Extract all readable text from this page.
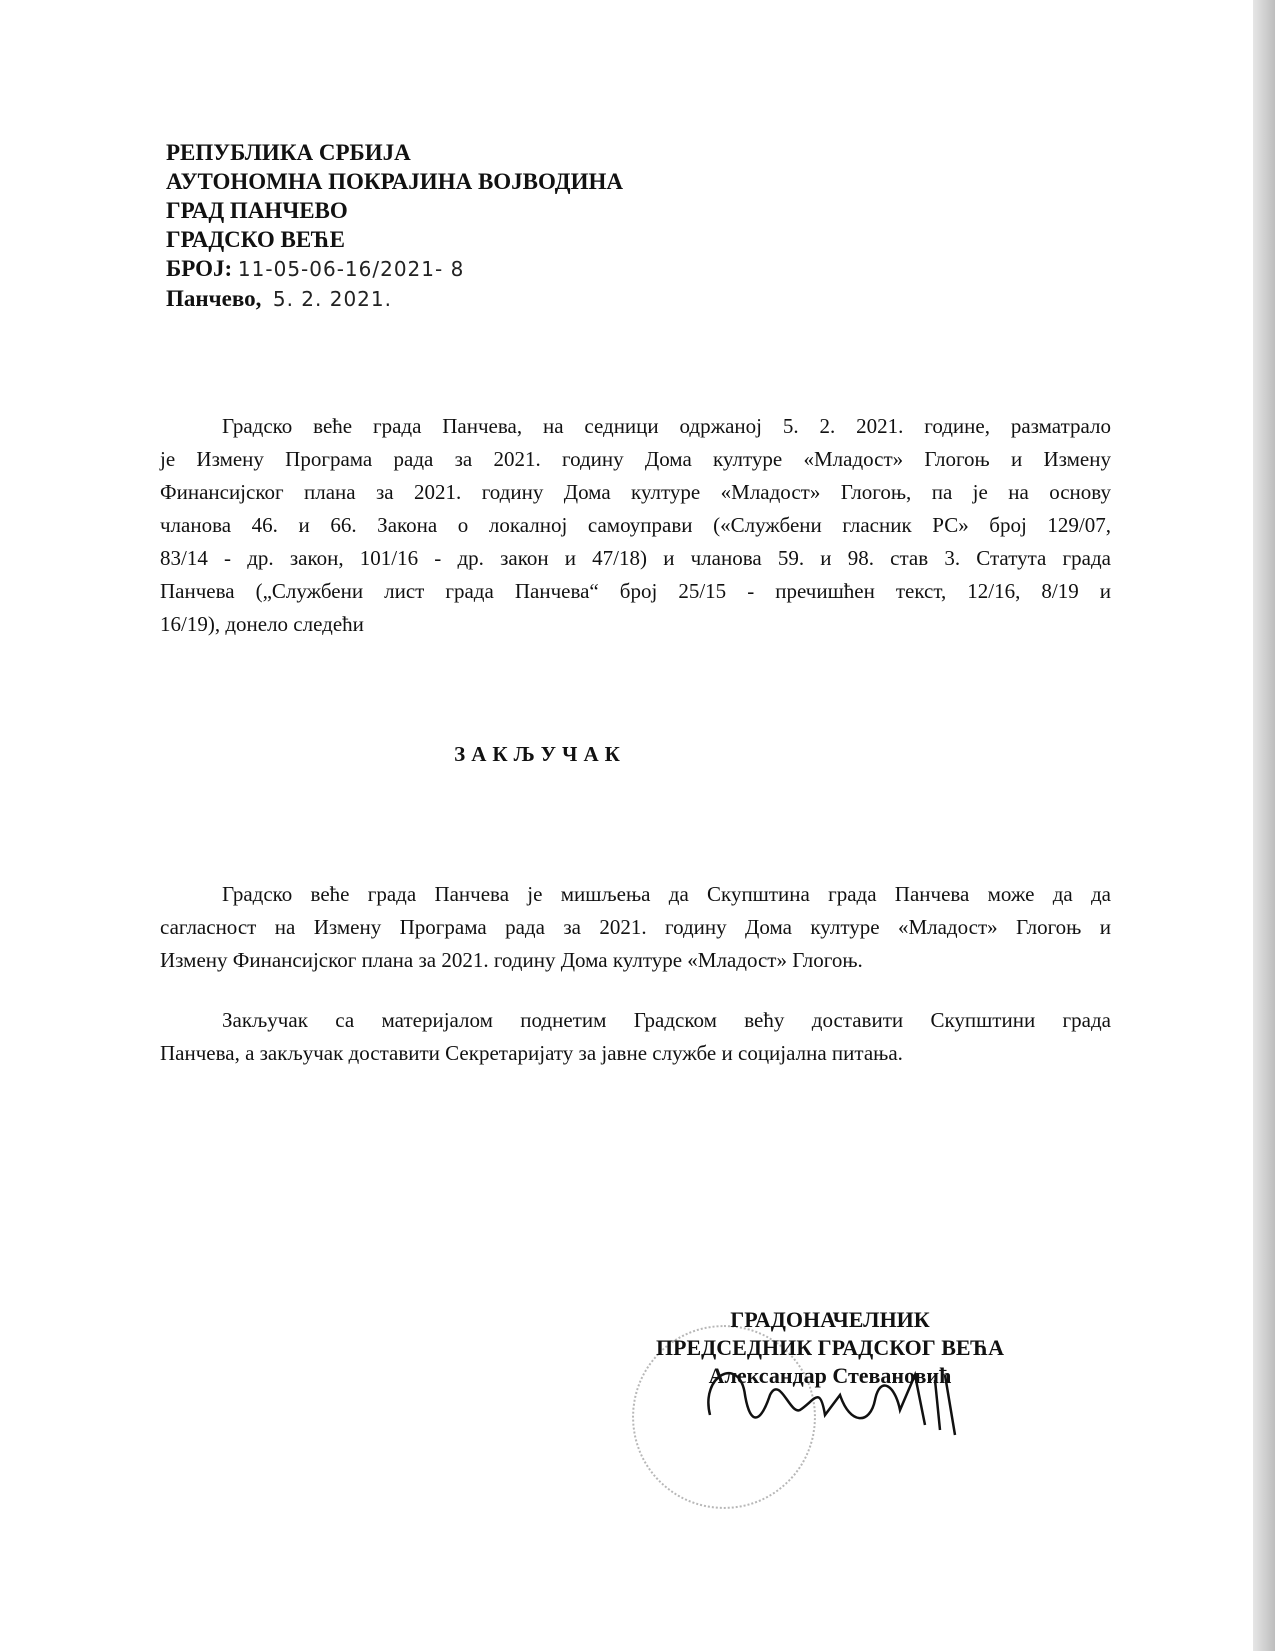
РЕПУБЛИКА СРБИЈА
АУТОНОМНА ПОКРАЈИНА ВОЈВОДИНА
ГРАД ПАНЧЕВО
ГРАДСКО ВЕЋЕ
БРОЈ: 11-05-06-16/2021- 8
Панчево, 5. 2. 2021.
Градско веће града Панчева, на седници одржаној 5. 2. 2021. године, разматрало
је Измену Програма рада за 2021. годину Дома културе «Младост» Глогоњ и Измену
Финансијског плана за 2021. годину Дома културе «Младост» Глогоњ, па је на основу
чланова 46. и 66. Закона о локалној самоуправи («Службени гласник РС» број 129/07,
83/14 - др. закон, 101/16 - др. закон и 47/18) и чланова 59. и 98. став 3. Статута града
Панчева („Службени лист града Панчева“ број 25/15 - пречишћен текст, 12/16, 8/19 и
16/19), донело следећи
ЗАКЉУЧАК
Градско веће града Панчева је мишљења да Скупштина града Панчева може да да
сагласност на Измену Програма рада за 2021. годину Дома културе «Младост» Глогоњ и
Измену Финансијског плана за 2021. годину Дома културе «Младост» Глогоњ.
Закључак са материјалом поднетим Градском већу доставити Скупштини града
Панчева, а закључак доставити Секретаријату за јавне службе и социјална питања.
ГРАДОНАЧЕЛНИК
ПРЕДСЕДНИК ГРАДСКОГ ВЕЋА
Александар Стевановић
